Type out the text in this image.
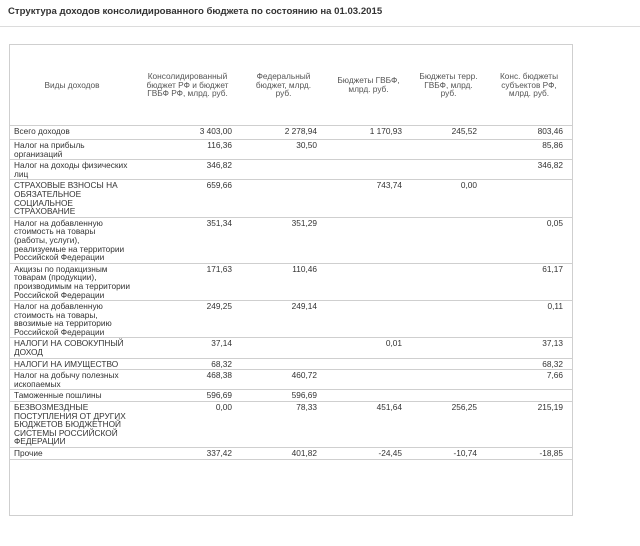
Структура доходов консолидированного бюджета по состоянию на 01.03.2015
Виды доходов	Консолидированный бюджет РФ и бюджет ГВБФ РФ, млрд. руб.	Федеральный бюджет, млрд. руб.	Бюджеты ГВБФ, млрд. руб.	Бюджеты терр. ГВБФ, млрд. руб.	Конс. бюджеты субъектов РФ, млрд. руб.
Всего доходов	3 403,00	2 278,94	1 170,93	245,52	803,46
Налог на прибыль организаций	116,36	30,50			85,86
Налог на доходы физических лиц	346,82				346,82
СТРАХОВЫЕ ВЗНОСЫ НА ОБЯЗАТЕЛЬНОЕ СОЦИАЛЬНОЕ СТРАХОВАНИЕ	659,66		743,74	0,00	
Налог на добавленную стоимость на товары (работы, услуги), реализуемые на территории Российской Федерации	351,34	351,29			0,05
Акцизы по подакцизным товарам (продукции), производимым на территории Российской Федерации	171,63	110,46			61,17
Налог на добавленную стоимость на товары, ввозимые на территорию Российской Федерации	249,25	249,14			0,11
НАЛОГИ НА СОВОКУПНЫЙ ДОХОД	37,14		0,01		37,13
НАЛОГИ НА ИМУЩЕСТВО	68,32				68,32
Налог на добычу полезных ископаемых	468,38	460,72			7,66
Таможенные пошлины	596,69	596,69			
БЕЗВОЗМЕЗДНЫЕ ПОСТУПЛЕНИЯ ОТ ДРУГИХ БЮДЖЕТОВ БЮДЖЕТНОЙ СИСТЕМЫ РОССИЙСКОЙ ФЕДЕРАЦИИ	0,00	78,33	451,64	256,25	215,19
Прочие	337,42	401,82	-24,45	-10,74	-18,85
